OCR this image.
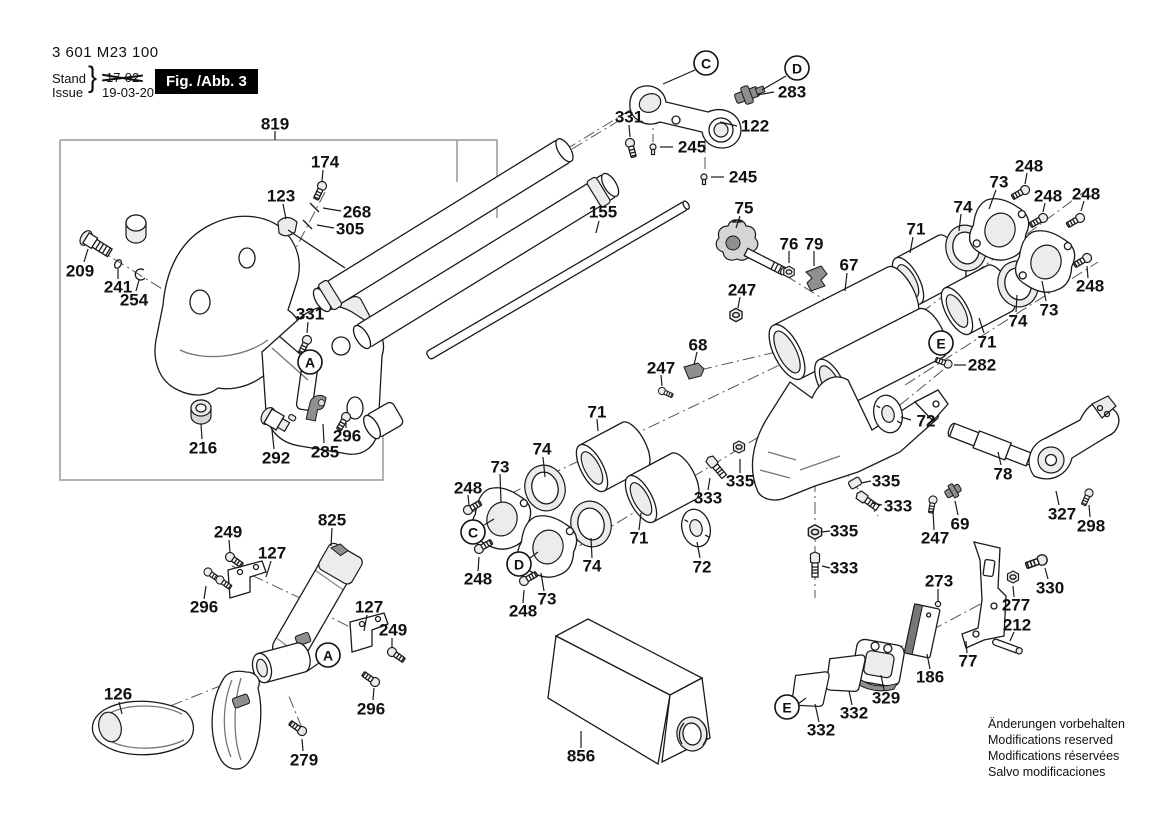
819
174
123
268
305
209
241
254
331
216
292 285
296
331
245
245
283
122
155	75
76 79
67
247
248
73
74
71
248 248
73
74
71
248
282
72
68
247
71
74
73
248
248
73
248
74
71
72
333
335	335
333
335
333
247
69
273
78
327
298
330
277
212
77
186
329
332
332
825
249
127
296	127
249
296
126
279	856
A
A
C
C
D
D
E
E
3 601 M23 100
Stand
Issue } 17-02
19-03-20
Fig. /Abb. 3
Änderungen vorbehalten
Modifications reserved
Modifications réservées
Salvo modificaciones
